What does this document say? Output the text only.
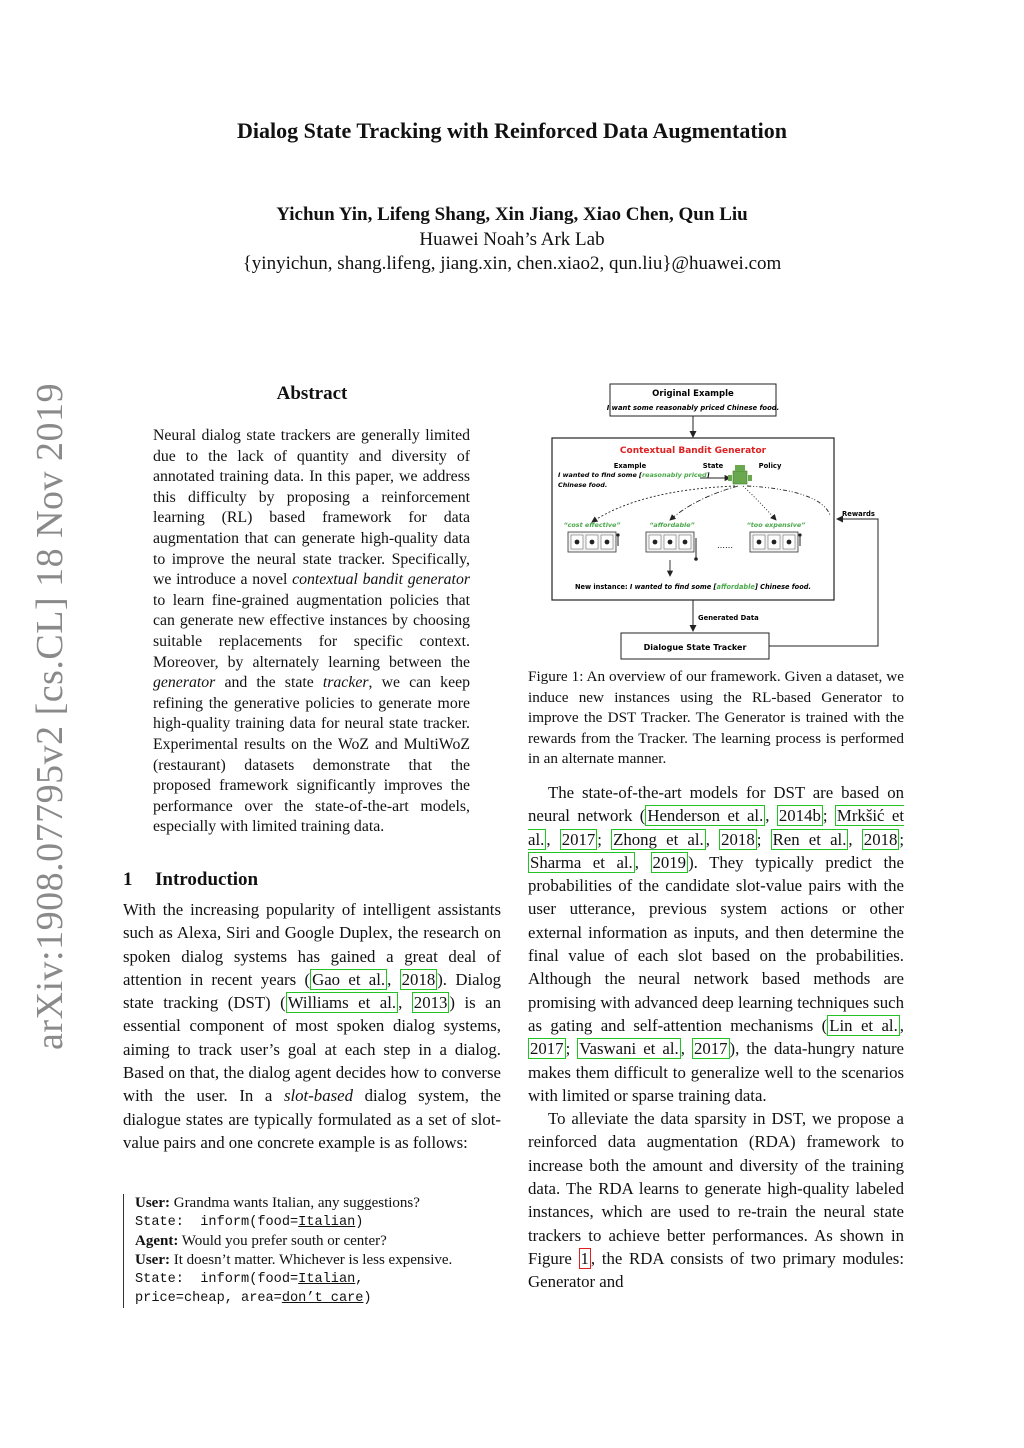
arXiv:1908.07795v2 [cs.CL] 18 Nov 2019
Dialog State Tracking with Reinforced Data Augmentation
Yichun Yin, Lifeng Shang, Xin Jiang, Xiao Chen, Qun Liu
Huawei Noah’s Ark Lab
{yinyichun, shang.lifeng, jiang.xin, chen.xiao2, qun.liu}@huawei.com
Abstract
Neural dialog state trackers are generally limited due to the lack of quantity and diversity of annotated training data. In this paper, we address this difficulty by proposing a reinforcement learning (RL) based framework for data augmentation that can generate high-quality data to improve the neural state tracker. Specifically, we introduce a novel contextual bandit generator to learn fine-grained augmentation policies that can generate new effective instances by choosing suitable replacements for specific context. Moreover, by alternately learning between the generator and the state tracker, we can keep refining the generative policies to generate more high-quality training data for neural state tracker. Experimental results on the WoZ and MultiWoZ (restaurant) datasets demonstrate that the proposed framework significantly improves the performance over the state-of-the-art models, especially with limited training data.
1 Introduction
With the increasing popularity of intelligent assistants such as Alexa, Siri and Google Duplex, the research on spoken dialog systems has gained a great deal of attention in recent years ( Gao et al. , 2018 ). Dialog state tracking (DST) ( Williams et al. , 2013 ) is an essential component of most spoken dialog systems, aiming to track user’s goal at each step in a dialog. Based on that, the dialog agent decides how to converse with the user. In a slot-based dialog system, the dialogue states are typically formulated as a set of slot-value pairs and one concrete example is as follows:
User: Grandma wants Italian, any suggestions?
State:  inform(food=Italian)
Agent: Would you prefer south or center?
User: It doesn’t matter. Whichever is less expensive.
State:  inform(food=Italian,
price=cheap, area=don’t care)
Original Example
I want some reasonably priced Chinese food.
Contextual Bandit Generator
Example	State	Policy
I wanted to find some [reasonably priced]
Chinese food.
“cost effective”	“affordable”	“too expensive”
……
New instance: I wanted to find some [affordable] Chinese food.
Generated Data
Dialogue State Tracker
Rewards
Figure 1: An overview of our framework. Given a dataset, we induce new instances using the RL-based Generator to improve the DST Tracker. The Generator is trained with the rewards from the Tracker. The learning process is performed in an alternate manner.

The state-of-the-art models for DST are based on neural network ( Henderson et al. , 2014b ; Mrkšić et al. , 2017 ; Zhong et al. , 2018 ; Ren et al. , 2018 ; Sharma et al. , 2019 ). They typically predict the probabilities of the candidate slot-value pairs with the user utterance, previous system actions or other external information as inputs, and then determine the final value of each slot based on the probabilities. Although the neural network based methods are promising with advanced deep learning techniques such as gating and self-attention mechanisms ( Lin et al. , 2017 ; Vaswani et al. , 2017 ), the data-hungry nature makes them difficult to generalize well to the scenarios with limited or sparse training data.

To alleviate the data sparsity in DST, we propose a reinforced data augmentation (RDA) framework to increase both the amount and diversity of the training data. The RDA learns to generate high-quality labeled instances, which are used to re-train the neural state trackers to achieve better performances. As shown in Figure 1 , the RDA consists of two primary modules: Generator and
